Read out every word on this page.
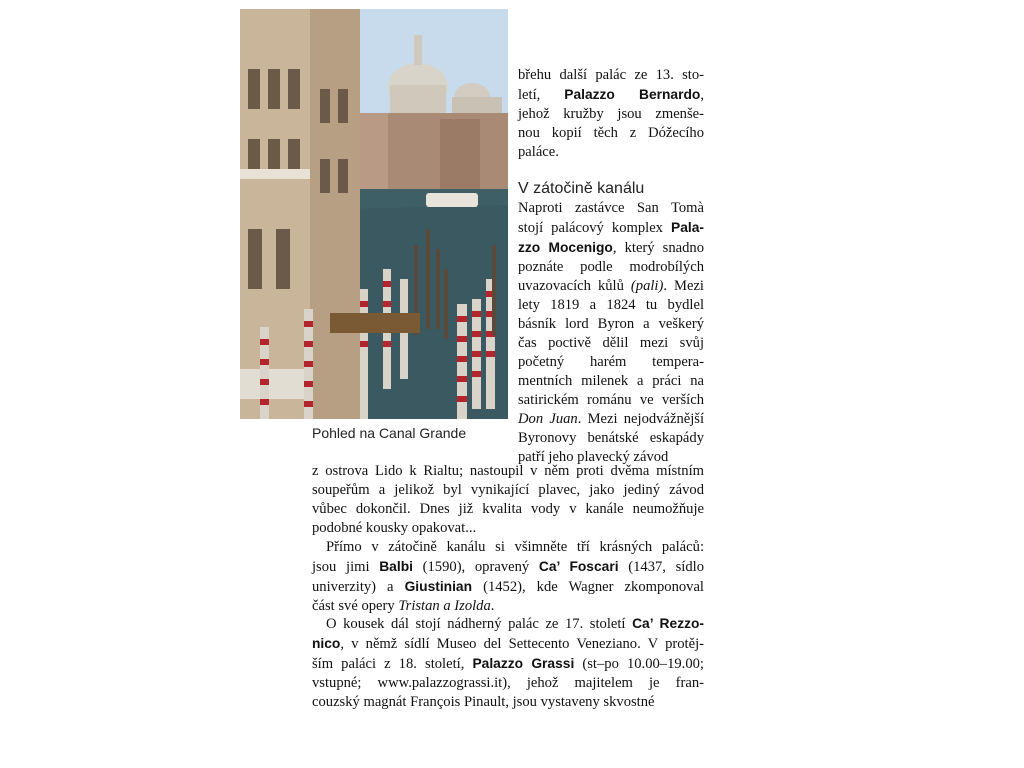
Pohled na Canal Grande
břehu další palác ze 13. sto-
letí, Palazzo Bernardo,
jehož kružby jsou zmenše-
nou kopií těch z Dóžecího
paláce.
V zátočině kanálu
Naproti zastávce San Tomà
stojí palácový komplex Pala-
zzo Mocenigo, který snadno
poznáte podle modrobílých
uvazovacích kůlů (pali). Mezi
lety 1819 a 1824 tu bydlel
básník lord Byron a veškerý
čas poctivě dělil mezi svůj
početný harém tempera-
mentních milenek a práci na
satirickém románu ve verších
Don Juan. Mezi nejodvážnější
Byronovy benátské eskapády
patří jeho plavecký závod
z ostrova Lido k Rialtu; nastoupil v něm proti dvěma místním
soupeřům a jelikož byl vynikající plavec, jako jediný závod
vůbec dokončil. Dnes již kvalita vody v kanále neumožňuje
podobné kousky opakovat...
Přímo v zátočině kanálu si všimněte tří krásných paláců:
jsou jimi Balbi (1590), opravený Ca’ Foscari (1437, sídlo
univerzity) a Giustinian (1452), kde Wagner zkomponoval
část své opery Tristan a Izolda.
O kousek dál stojí nádherný palác ze 17. století Ca’ Rezzo-
nico, v němž sídlí Museo del Settecento Veneziano. V protěj-
ším paláci z 18. století, Palazzo Grassi (st–po 10.00–19.00;
vstupné; www.palazzograssi.it), jehož majitelem je fran-
couzský magnát François Pinault, jsou vystaveny skvostné
